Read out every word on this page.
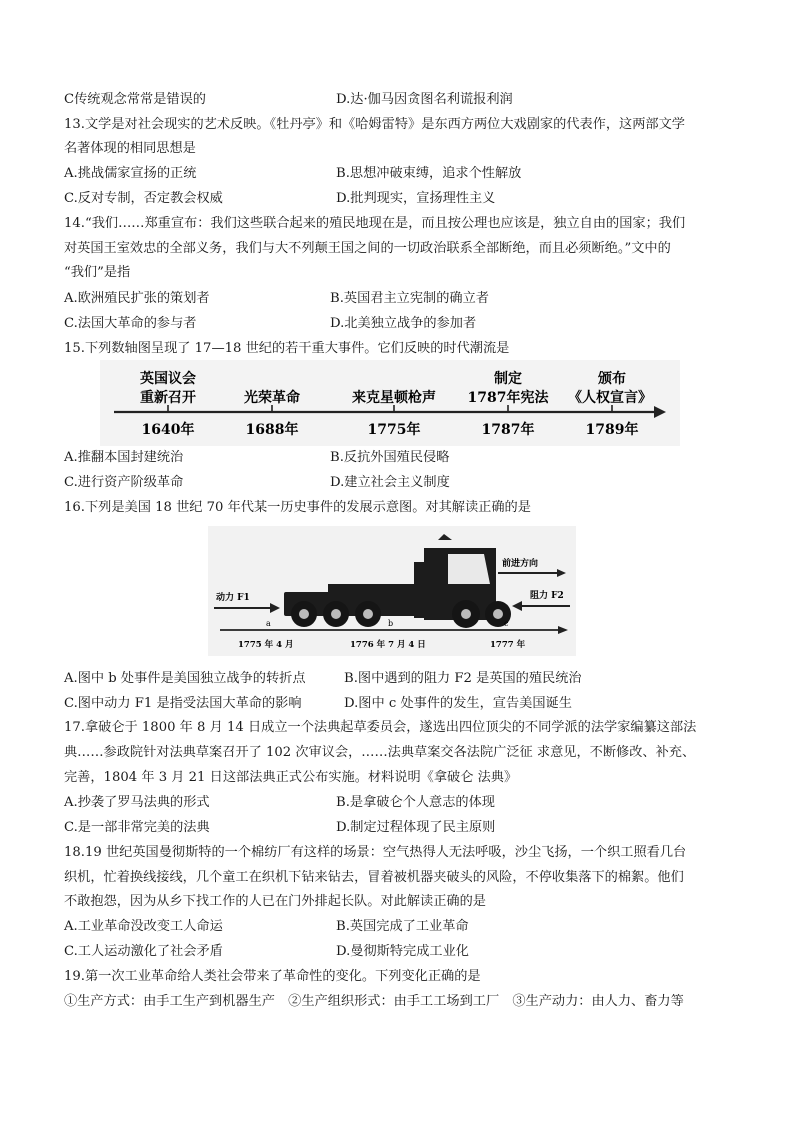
C传统观念常常是错误的	D.达·伽马因贪图名利谎报利润
13.文学是对社会现实的艺术反映。《牡丹亭》和《哈姆雷特》是东西方两位大戏剧家的代表作，这两部文学
名著体现的相同思想是
A.挑战儒家宣扬的正统	B.思想冲破束缚，追求个性解放
C.反对专制，否定教会权威	D.批判现实，宣扬理性主义
14.“我们……郑重宣布：我们这些联合起来的殖民地现在是，而且按公理也应该是，独立自由的国家；我们
对英国王室效忠的全部义务，我们与大不列颠王国之间的一切政治联系全部断绝，而且必须断绝。”文中的
“我们”是指
A.欧洲殖民扩张的策划者	B.英国君主立宪制的确立者
C.法国大革命的参与者	D.北美独立战争的参加者
15.下列数轴图呈现了 17—18 世纪的若干重大事件。它们反映的时代潮流是
英国议会
重新召开
1640年
光荣革命
1688年
来克星顿枪声
1775年
制定
1787年宪法
1787年
颁布
《人权宣言》
1789年
A.推翻本国封建统治	B.反抗外国殖民侵略
C.进行资产阶级革命	D.建立社会主义制度
16.下列是美国 18 世纪 70 年代某一历史事件的发展示意图。对其解读正确的是
前进方向
动力 F1	阻力 F2
a
1775 年 4 月
b
1776 年 7 月 4 日
c
1777 年
A.图中 b 处事件是美国独立战争的转折点	B.图中遇到的阻力 F2 是英国的殖民统治
C.图中动力 F1 是指受法国大革命的影响	D.图中 c 处事件的发生，宣告美国诞生
17.拿破仑于 1800 年 8 月 14 日成立一个法典起草委员会，遂选出四位顶尖的不同学派的法学家编纂这部法
典……参政院针对法典草案召开了 102 次审议会，……法典草案交各法院广泛征 求意见，不断修改、补充、
完善，1804 年 3 月 21 日这部法典正式公布实施。材料说明《拿破仑 法典》
A.抄袭了罗马法典的形式	B.是拿破仑个人意志的体现
C.是一部非常完美的法典	D.制定过程体现了民主原则
18.19 世纪英国曼彻斯特的一个棉纺厂有这样的场景：空气热得人无法呼吸，沙尘飞扬，一个织工照看几台
织机，忙着换线接线，几个童工在织机下钻来钻去，冒着被机器夹破头的风险，不停收集落下的棉絮。他们
不敢抱怨，因为从乡下找工作的人已在门外排起长队。对此解读正确的是
A.工业革命没改变工人命运	B.英国完成了工业革命
C.工人运动激化了社会矛盾	D.曼彻斯特完成工业化
19.第一次工业革命给人类社会带来了革命性的变化。下列变化正确的是
①生产方式：由手工生产到机器生产　②生产组织形式：由手工工场到工厂　③生产动力：由人力、畜力等
